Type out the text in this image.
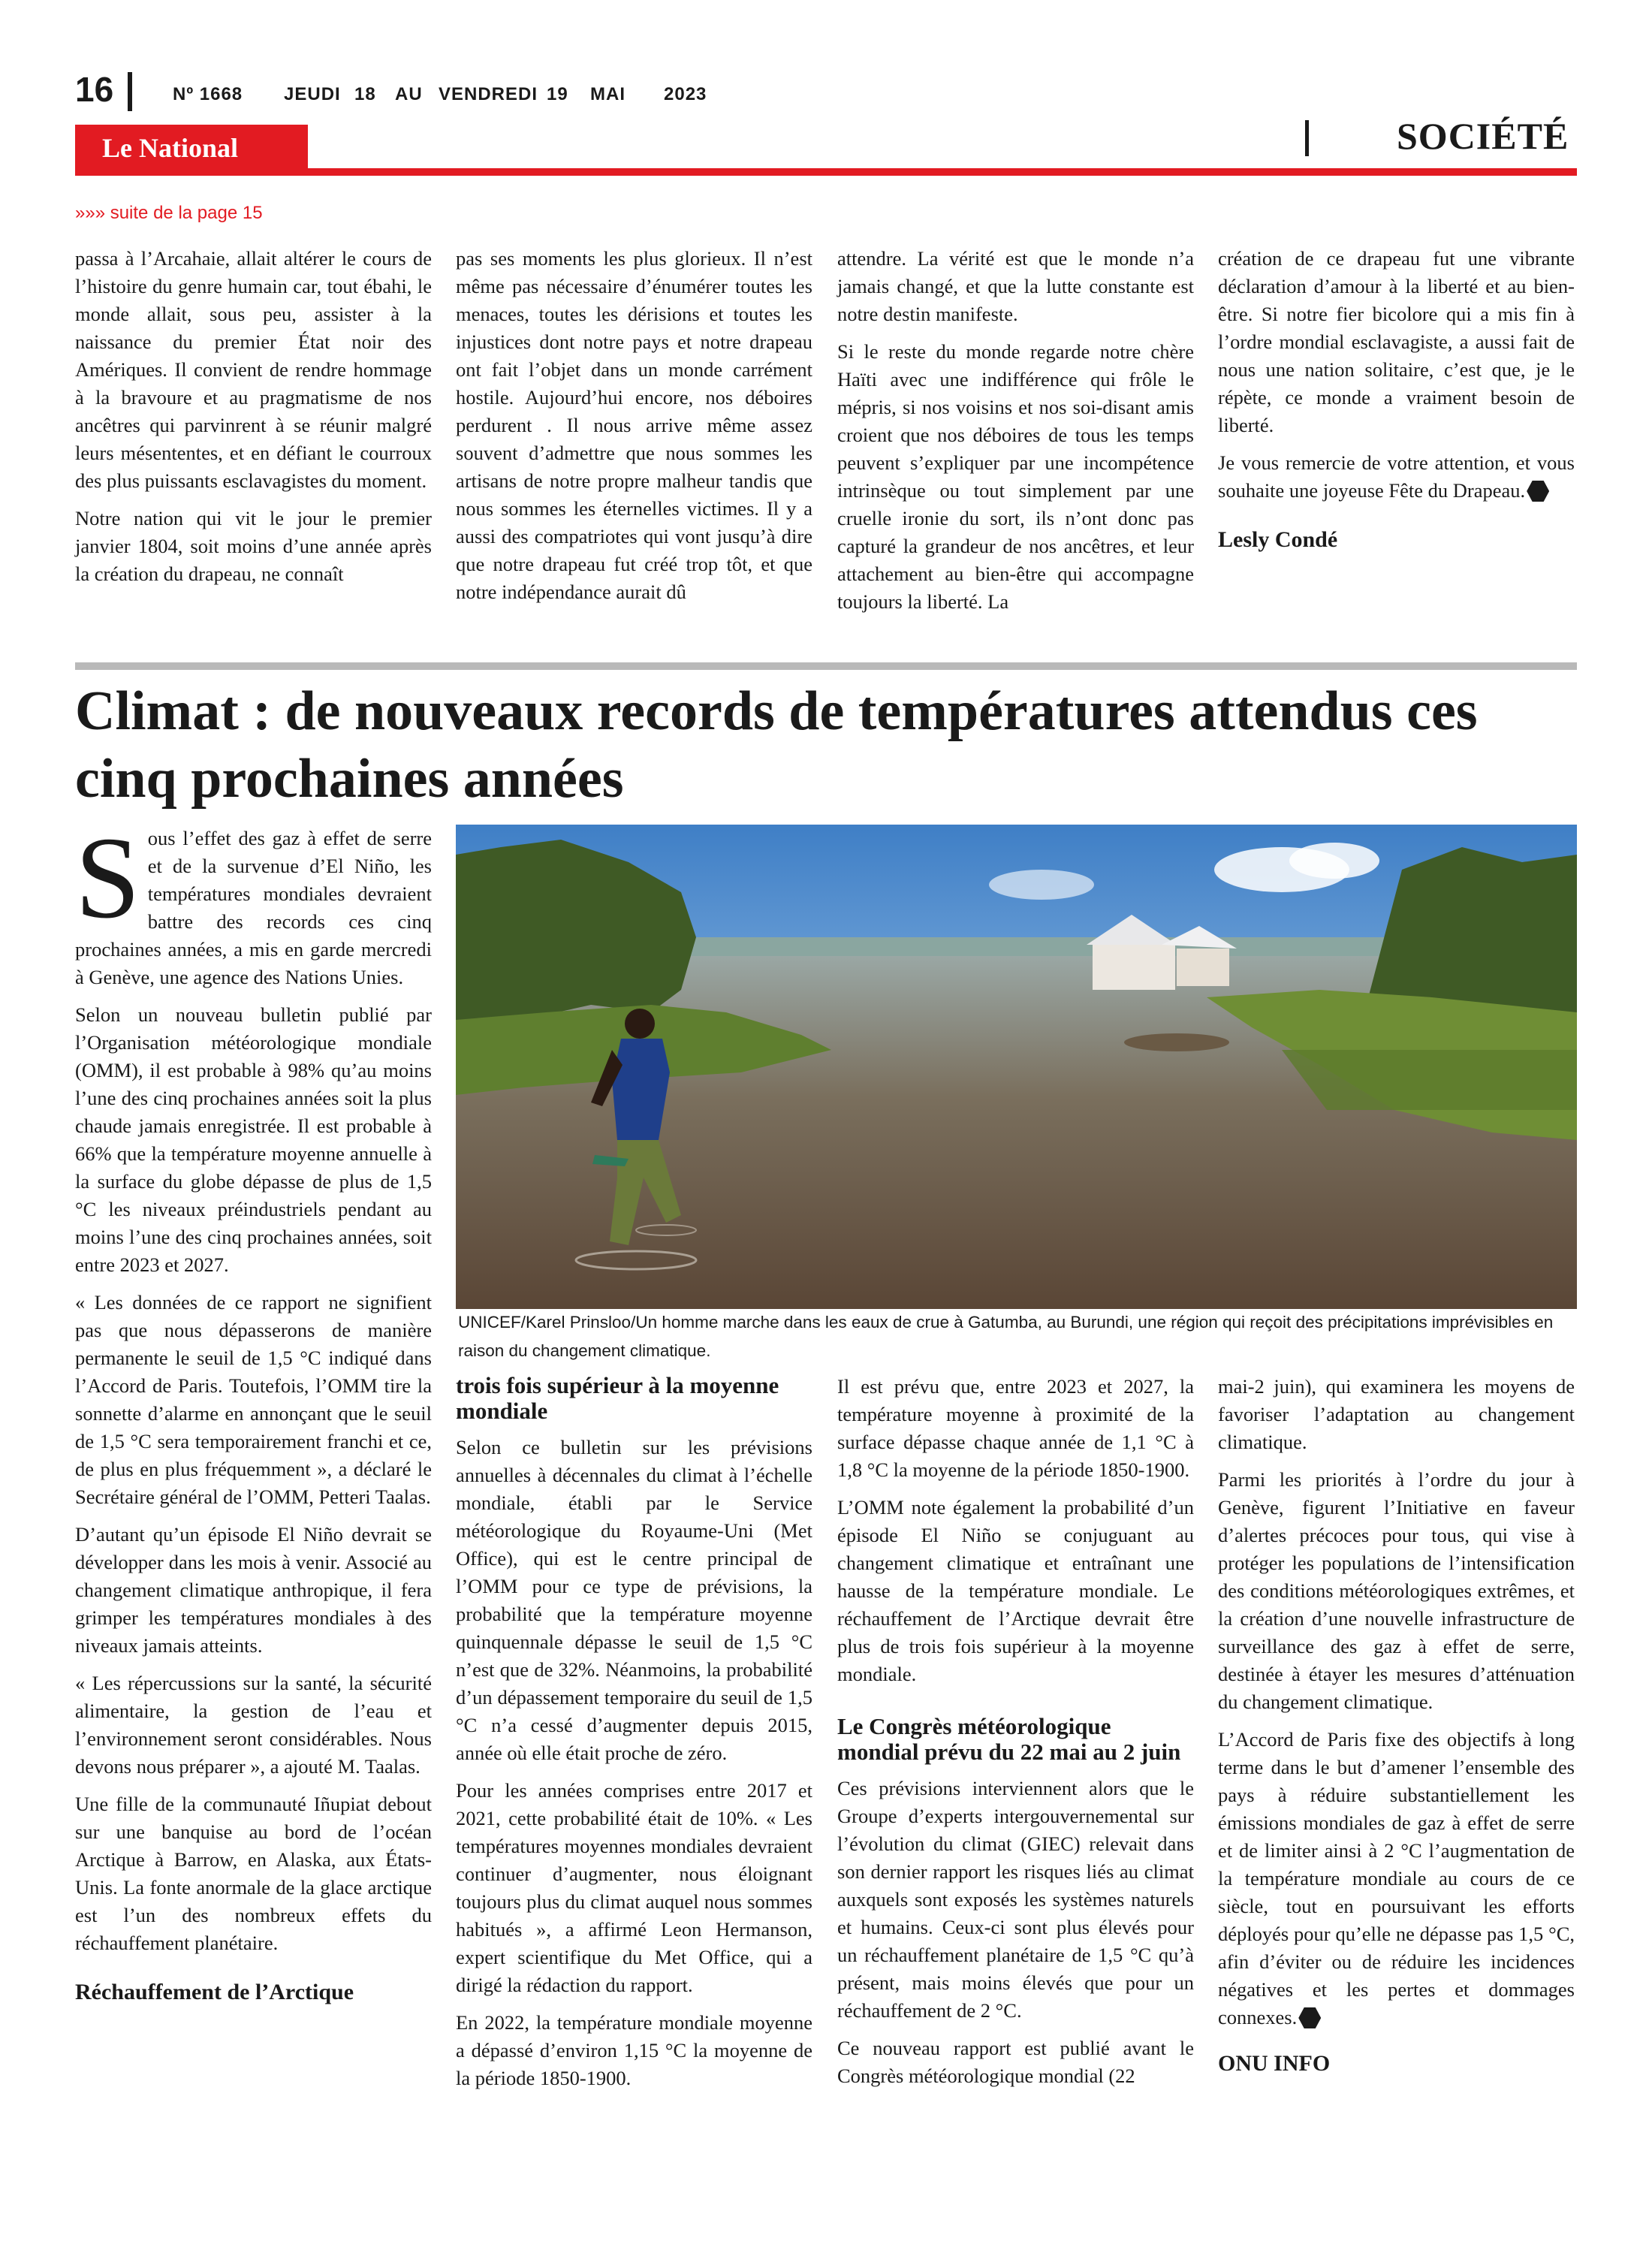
16	Nº 1668 JEUDI 18 AU VENDREDI 19 MAI 2023
Le National	SOCIÉTÉ
»»» suite de la page 15

passa à l’Arcahaie, allait altérer le cours de l’histoire du genre humain car, tout ébahi, le monde allait, sous peu, assister à la naissance du premier État noir des Amériques. Il convient de rendre hommage à la bravoure et au pragmatisme de nos ancêtres qui parvinrent à se réunir malgré leurs mésententes, et en défiant le courroux des plus puissants esclavagistes du moment.

Notre nation qui vit le jour le premier janvier 1804, soit moins d’une année après la création du drapeau, ne connaît

pas ses moments les plus glorieux. Il n’est même pas nécessaire d’énumérer toutes les menaces, toutes les dérisions et toutes les injustices dont notre pays et notre drapeau ont fait l’objet dans un monde carrément hostile. Aujourd’hui encore, nos déboires perdurent . Il nous arrive même assez souvent d’admettre que nous sommes les artisans de notre propre malheur tandis que nous sommes les éternelles victimes. Il y a aussi des compatriotes qui vont jusqu’à dire que notre drapeau fut créé trop tôt, et que notre indépendance aurait dû

attendre. La vérité est que le monde n’a jamais changé, et que la lutte constante est notre destin manifeste.

Si le reste du monde regarde notre chère Haïti avec une indifférence qui frôle le mépris, si nos voisins et nos soi-disant amis croient que nos déboires de tous les temps peuvent s’expliquer par une incompétence intrinsèque ou tout simplement par une cruelle ironie du sort, ils n’ont donc pas capturé la grandeur de nos ancêtres, et leur attachement au bien-être qui accompagne toujours la liberté. La

création de ce drapeau fut une vibrante déclaration d’amour à la liberté et au bien-être. Si notre fier bicolore qui a mis fin à l’ordre mondial esclavagiste, a aussi fait de nous une nation solitaire, c’est que, je le répète, ce monde a vraiment besoin de liberté.

Je vous remercie de votre attention, et vous souhaite une joyeuse Fête du Drapeau.

Lesly Condé

Climat : de nouveaux records de températures attendus ces cinq prochaines années
UNICEF/Karel Prinsloo/Un homme marche dans les eaux de crue à Gatumba, au Burundi, une région qui reçoit des précipitations imprévisibles en raison du changement climatique.

Sous l’effet des gaz à effet de serre et de la survenue d’El Niño, les températures mondiales devraient battre des records ces cinq prochaines années, a mis en garde mercredi à Genève, une agence des Nations Unies.

Selon un nouveau bulletin publié par l’Organisation météorologique mondiale (OMM), il est probable à 98% qu’au moins l’une des cinq prochaines années soit la plus chaude jamais enregistrée. Il est probable à 66% que la température moyenne annuelle à la surface du globe dépasse de plus de 1,5 °C les niveaux préindustriels pendant au moins l’une des cinq prochaines années, soit entre 2023 et 2027.

« Les données de ce rapport ne signifient pas que nous dépasserons de manière permanente le seuil de 1,5 °C indiqué dans l’Accord de Paris. Toutefois, l’OMM tire la sonnette d’alarme en annonçant que le seuil de 1,5 °C sera temporairement franchi et ce, de plus en plus fréquemment », a déclaré le Secrétaire général de l’OMM, Petteri Taalas.

D’autant qu’un épisode El Niño devrait se développer dans les mois à venir. Associé au changement climatique anthropique, il fera grimper les températures mondiales à des niveaux jamais atteints.

« Les répercussions sur la santé, la sécurité alimentaire, la gestion de l’eau et l’environnement seront considérables. Nous devons nous préparer », a ajouté M. Taalas.

Une fille de la communauté Iñupiat debout sur une banquise au bord de l’océan Arctique à Barrow, en Alaska, aux États-Unis. La fonte anormale de la glace arctique est l’un des nombreux effets du réchauffement planétaire.

Réchauffement de l’Arctique

trois fois supérieur à la moyenne mondiale

Selon ce bulletin sur les prévisions annuelles à décennales du climat à l’échelle mondiale, établi par le Service météorologique du Royaume-Uni (Met Office), qui est le centre principal de l’OMM pour ce type de prévisions, la probabilité que la température moyenne quinquennale dépasse le seuil de 1,5 °C n’est que de 32%. Néanmoins, la probabilité d’un dépassement temporaire du seuil de 1,5 °C n’a cessé d’augmenter depuis 2015, année où elle était proche de zéro.

Pour les années comprises entre 2017 et 2021, cette probabilité était de 10%. « Les températures moyennes mondiales devraient continuer d’augmenter, nous éloignant toujours plus du climat auquel nous sommes habitués », a affirmé Leon Hermanson, expert scientifique du Met Office, qui a dirigé la rédaction du rapport.

En 2022, la température mondiale moyenne a dépassé d’environ 1,15 °C la moyenne de la période 1850-1900.

Il est prévu que, entre 2023 et 2027, la température moyenne à proximité de la surface dépasse chaque année de 1,1 °C à 1,8 °C la moyenne de la période 1850-1900.

L’OMM note également la probabilité d’un épisode El Niño se conjuguant au changement climatique et entraînant une hausse de la température mondiale. Le réchauffement de l’Arctique devrait être plus de trois fois supérieur à la moyenne mondiale.

Le Congrès météorologique mondial prévu du 22 mai au 2 juin

Ces prévisions interviennent alors que le Groupe d’experts intergouvernemental sur l’évolution du climat (GIEC) relevait dans son dernier rapport les risques liés au climat auxquels sont exposés les systèmes naturels et humains. Ceux-ci sont plus élevés pour un réchauffement planétaire de 1,5 °C qu’à présent, mais moins élevés que pour un réchauffement de 2 °C.

Ce nouveau rapport est publié avant le Congrès météorologique mondial (22

mai-2 juin), qui examinera les moyens de favoriser l’adaptation au changement climatique.

Parmi les priorités à l’ordre du jour à Genève, figurent l’Initiative en faveur d’alertes précoces pour tous, qui vise à protéger les populations de l’intensification des conditions météorologiques extrêmes, et la création d’une nouvelle infrastructure de surveillance des gaz à effet de serre, destinée à étayer les mesures d’atténuation du changement climatique.

L’Accord de Paris fixe des objectifs à long terme dans le but d’amener l’ensemble des pays à réduire substantiellement les émissions mondiales de gaz à effet de serre et de limiter ainsi à 2 °C l’augmentation de la température mondiale au cours de ce siècle, tout en poursuivant les efforts déployés pour qu’elle ne dépasse pas 1,5 °C, afin d’éviter ou de réduire les incidences négatives et les pertes et dommages connexes.

ONU INFO
